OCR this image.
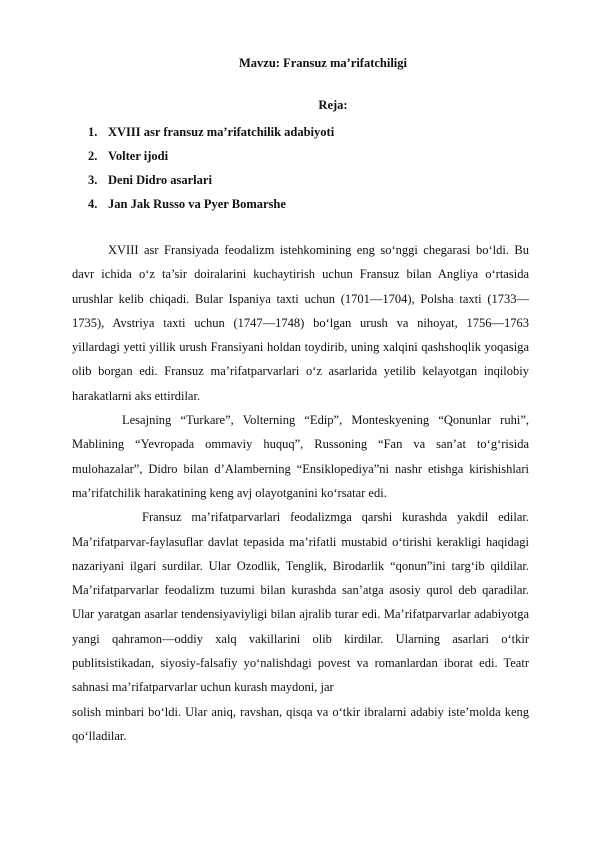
Mavzu: Fransuz ma’rifatchiligi
Reja:
1. XVIII asr fransuz ma’rifatchilik adabiyoti
2. Volter ijodi
3. Deni Didro asarlari
4. Jan Jak Russo va Pyer Bomarshe

XVIII asr Fransiyada feodalizm istehkomining eng so‘nggi chegarasi bo‘ldi. Bu davr ichida o‘z ta’sir doiralarini kuchaytirish uchun Fransuz bilan Angliya o‘rtasida urushlar kelib chiqadi. Bular Ispaniya taxti uchun (1701—1704), Polsha taxti (1733—1735), Avstriya taxti uchun (1747—1748) bo‘lgan urush va nihoyat, 1756—1763 yillardagi yetti yillik urush Fransiyani holdan toydirib, uning xalqini qashshoqlik yoqasiga olib borgan edi. Fransuz ma’rifatparvarlari o‘z asarlarida yetilib kelayotgan inqilobiy harakatlarni aks ettirdilar.

Lesajning “Turkare”, Volterning “Edip”, Monteskyening “Qonunlar ruhi”, Mablining “Yevropada ommaviy huquq”, Russoning “Fan va san’at to‘g‘risida mulohazalar”, Didro bilan d’Alamberning “Ensiklopediya”ni nashr etishga kirishishlari ma’rifatchilik harakatining keng avj olayotganini ko‘rsatar edi.

Fransuz ma’rifatparvarlari feodalizmga qarshi kurashda yakdil edilar. Ma’rifatparvar-faylasuflar davlat tepasida ma’rifatli mustabid o‘tirishi kerakligi haqidagi nazariyani ilgari surdilar. Ular Ozodlik, Tenglik, Birodarlik “qonun”ini targ‘ib qildilar. Ma’rifatparvarlar feodalizm tuzumi bilan kurashda san’atga asosiy qurol deb qaradilar. Ular yaratgan asarlar tendensiyaviyligi bilan ajralib turar edi. Ma’rifatparvarlar adabiyotga yangi qahramon—oddiy xalq vakillarini olib kirdilar. Ularning asarlari o‘tkir publitsistikadan, siyosiy-falsafiy yo‘nalishdagi povest va romanlardan iborat edi. Teatr sahnasi ma’rifatparvarlar uchun kurash maydoni, jar

solish minbari bo‘ldi. Ular aniq, ravshan, qisqa va o‘tkir ibralarni adabiy iste’molda keng qo‘lladilar.
